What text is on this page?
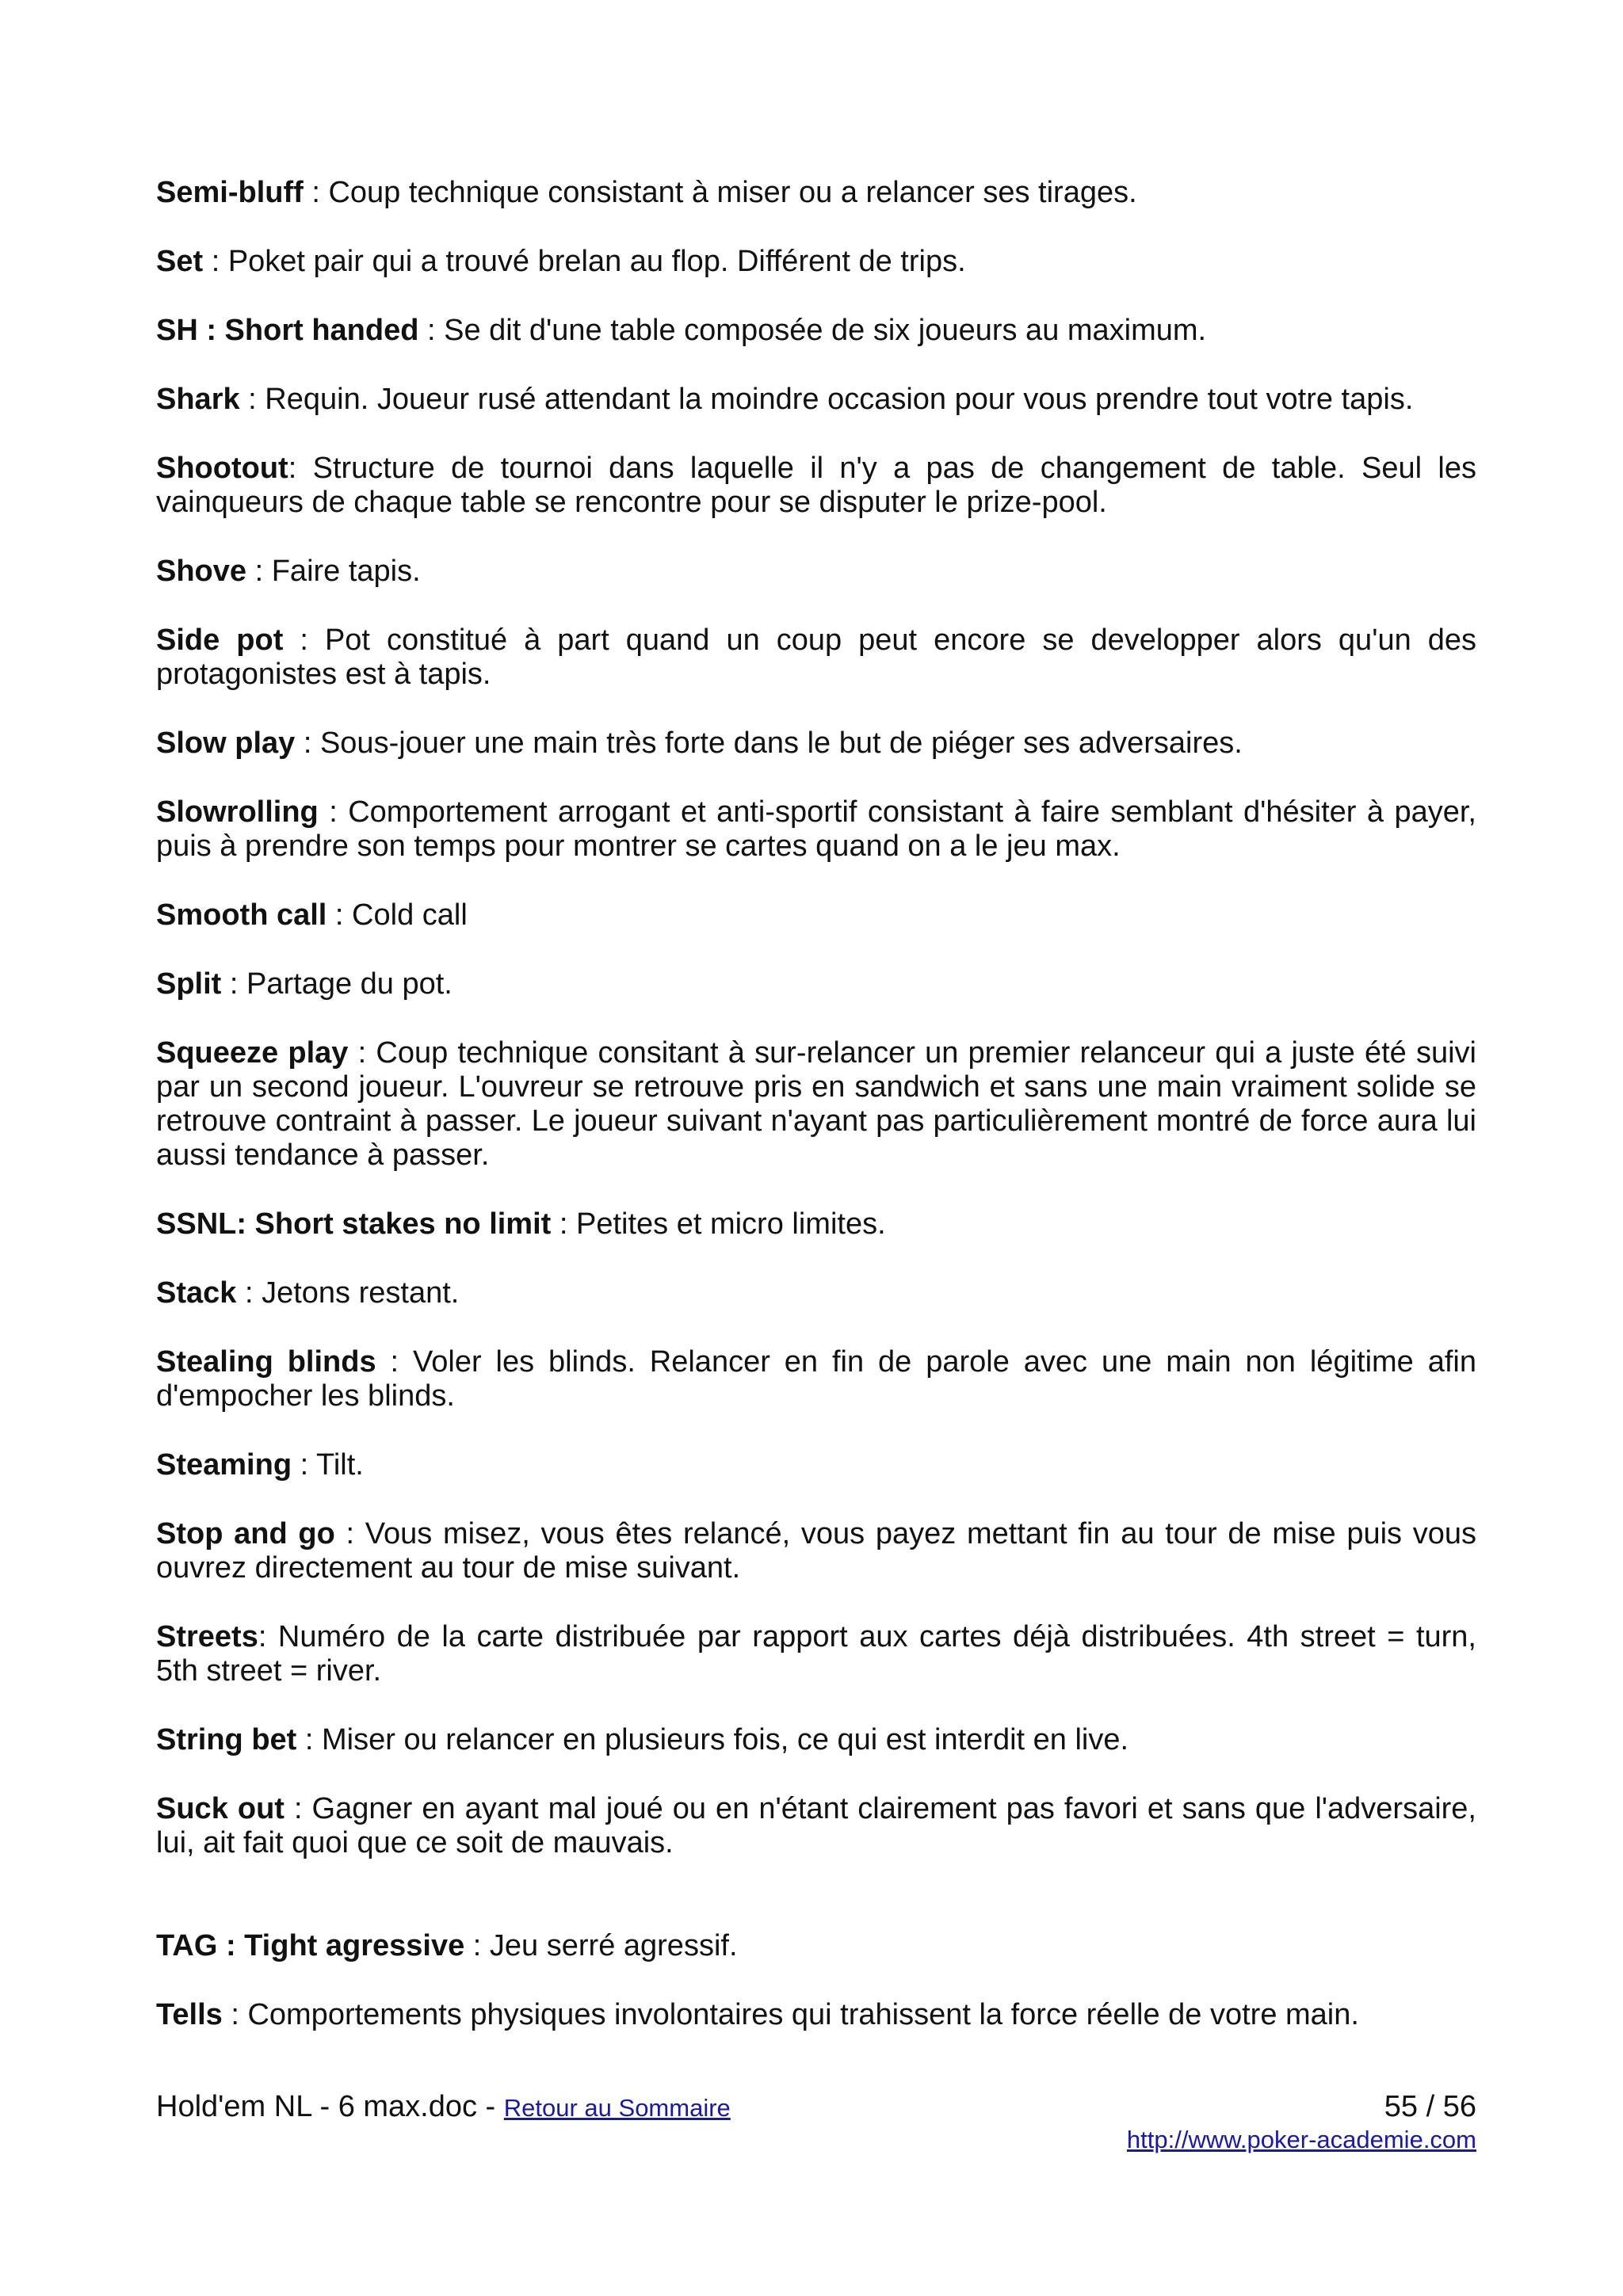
Semi-bluff : Coup technique consistant à miser ou a relancer ses tirages.

Set : Poket pair qui a trouvé brelan au flop. Différent de trips.

SH : Short handed : Se dit d'une table composée de six joueurs au maximum.

Shark : Requin. Joueur rusé attendant la moindre occasion pour vous prendre tout votre tapis.

Shootout: Structure de tournoi dans laquelle il n'y a pas de changement de table. Seul les vainqueurs de chaque table se rencontre pour se disputer le prize-pool.

Shove : Faire tapis.

Side pot : Pot constitué à part quand un coup peut encore se developper alors qu'un des protagonistes est à tapis.

Slow play : Sous-jouer une main très forte dans le but de piéger ses adversaires.

Slowrolling : Comportement arrogant et anti-sportif consistant à faire semblant d'hésiter à payer, puis à prendre son temps pour montrer se cartes quand on a le jeu max.

Smooth call : Cold call

Split : Partage du pot.

Squeeze play : Coup technique consitant à sur-relancer un premier relanceur qui a juste été suivi par un second joueur. L'ouvreur se retrouve pris en sandwich et sans une main vraiment solide se retrouve contraint à passer. Le joueur suivant n'ayant pas particulièrement montré de force aura lui aussi tendance à passer.

SSNL: Short stakes no limit : Petites et micro limites.

Stack : Jetons restant.

Stealing blinds : Voler les blinds. Relancer en fin de parole avec une main non légitime afin d'empocher les blinds.

Steaming : Tilt.

Stop and go : Vous misez, vous êtes relancé, vous payez mettant fin au tour de mise puis vous ouvrez directement au tour de mise suivant.

Streets: Numéro de la carte distribuée par rapport aux cartes déjà distribuées. 4th street = turn, 5th street = river.

String bet : Miser ou relancer en plusieurs fois, ce qui est interdit en live.

Suck out : Gagner en ayant mal joué ou en n'étant clairement pas favori et sans que l'adversaire, lui, ait fait quoi que ce soit de mauvais.

TAG : Tight agressive : Jeu serré agressif.

Tells : Comportements physiques involontaires qui trahissent la force réelle de votre main.

Hold'em NL - 6 max.doc - Retour au Sommaire	55 / 56
http://www.poker-academie.com
